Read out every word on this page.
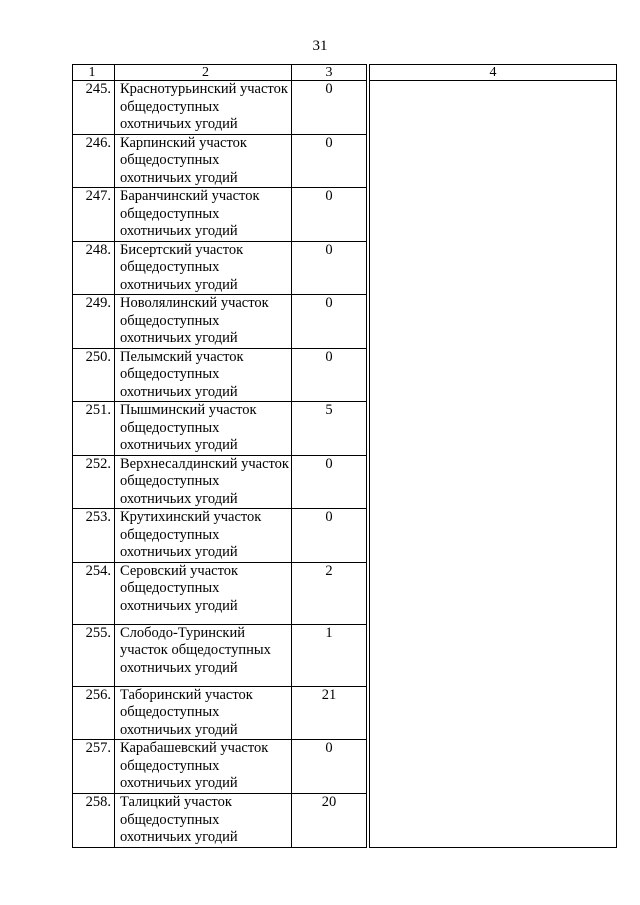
31
1	2	3		4
245.	Краснотурьинский участок общедоступных охотничьих угодий	0		
246.	Карпинский участок общедоступных охотничьих угодий	0		
247.	Баранчинский участок общедоступных охотничьих угодий	0		
248.	Бисертский участок общедоступных охотничьих угодий	0		
249.	Новолялинский участок общедоступных охотничьих угодий	0		
250.	Пелымский участок общедоступных охотничьих угодий	0		
251.	Пышминский участок общедоступных охотничьих угодий	5		
252.	Верхнесалдинский участок общедоступных охотничьих угодий	0		
253.	Крутихинский участок общедоступных охотничьих угодий	0		
254.	Серовский участок общедоступных охотничьих угодий	2		
255.	Слободо-Туринский участок общедоступных охотничьих угодий	1		
256.	Таборинский участок общедоступных охотничьих угодий	21		
257.	Карабашевский участок общедоступных охотничьих угодий	0		
258.	Талицкий участок общедоступных охотничьих угодий	20		
